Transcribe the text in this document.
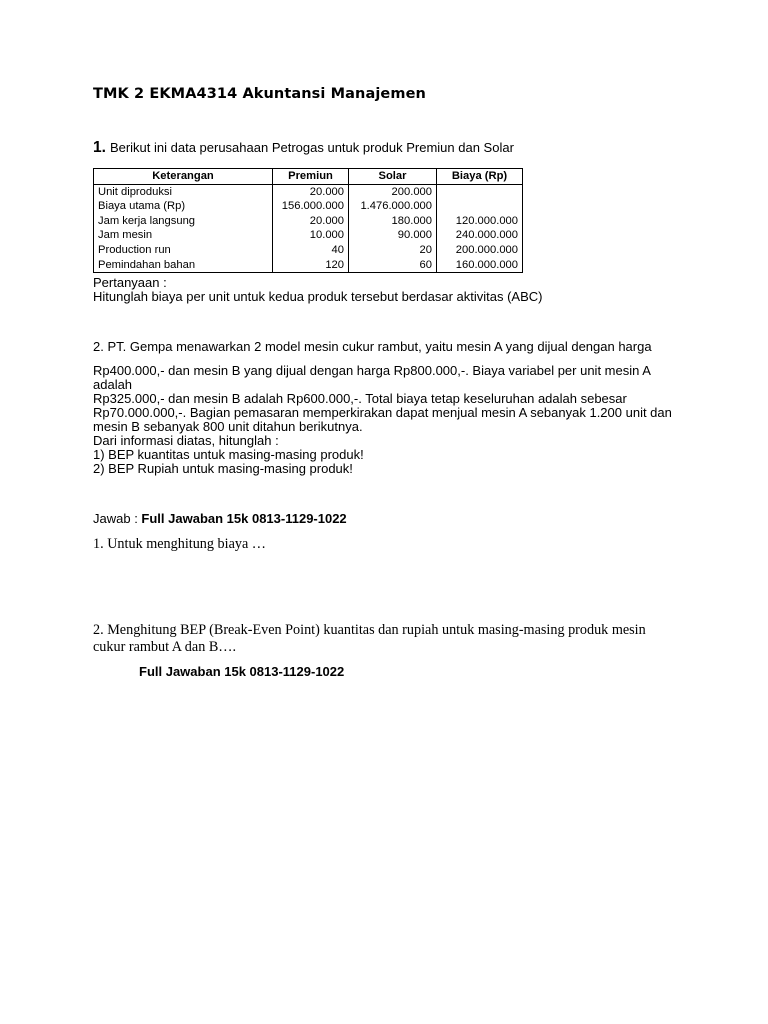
TMK 2 EKMA4314 Akuntansi Manajemen
1. Berikut ini data perusahaan Petrogas untuk produk Premiun dan Solar
Keterangan	Premiun	Solar	Biaya (Rp)
Unit diproduksi	20.000	200.000	
Biaya utama (Rp)	156.000.000	1.476.000.000	
Jam kerja langsung	20.000	180.000	120.000.000
Jam mesin	10.000	90.000	240.000.000
Production run	40	20	200.000.000
Pemindahan bahan	120	60	160.000.000
Pertanyaan :
Hitunglah biaya per unit untuk kedua produk tersebut berdasar aktivitas (ABC)
2. PT. Gempa menawarkan 2 model mesin cukur rambut, yaitu mesin A yang dijual dengan harga
Rp400.000,- dan mesin B yang dijual dengan harga Rp800.000,-. Biaya variabel per unit mesin A
adalah
Rp325.000,- dan mesin B adalah Rp600.000,-. Total biaya tetap keseluruhan adalah sebesar
Rp70.000.000,-. Bagian pemasaran memperkirakan dapat menjual mesin A sebanyak 1.200 unit dan
mesin B sebanyak 800 unit ditahun berikutnya.
Dari informasi diatas, hitunglah :
1) BEP kuantitas untuk masing-masing produk!
2) BEP Rupiah untuk masing-masing produk!
Jawab : Full Jawaban 15k 0813-1129-1022
1. Untuk menghitung biaya …
2. Menghitung BEP (Break-Even Point) kuantitas dan rupiah untuk masing-masing produk mesin
cukur rambut A dan B….
Full Jawaban 15k 0813-1129-1022
